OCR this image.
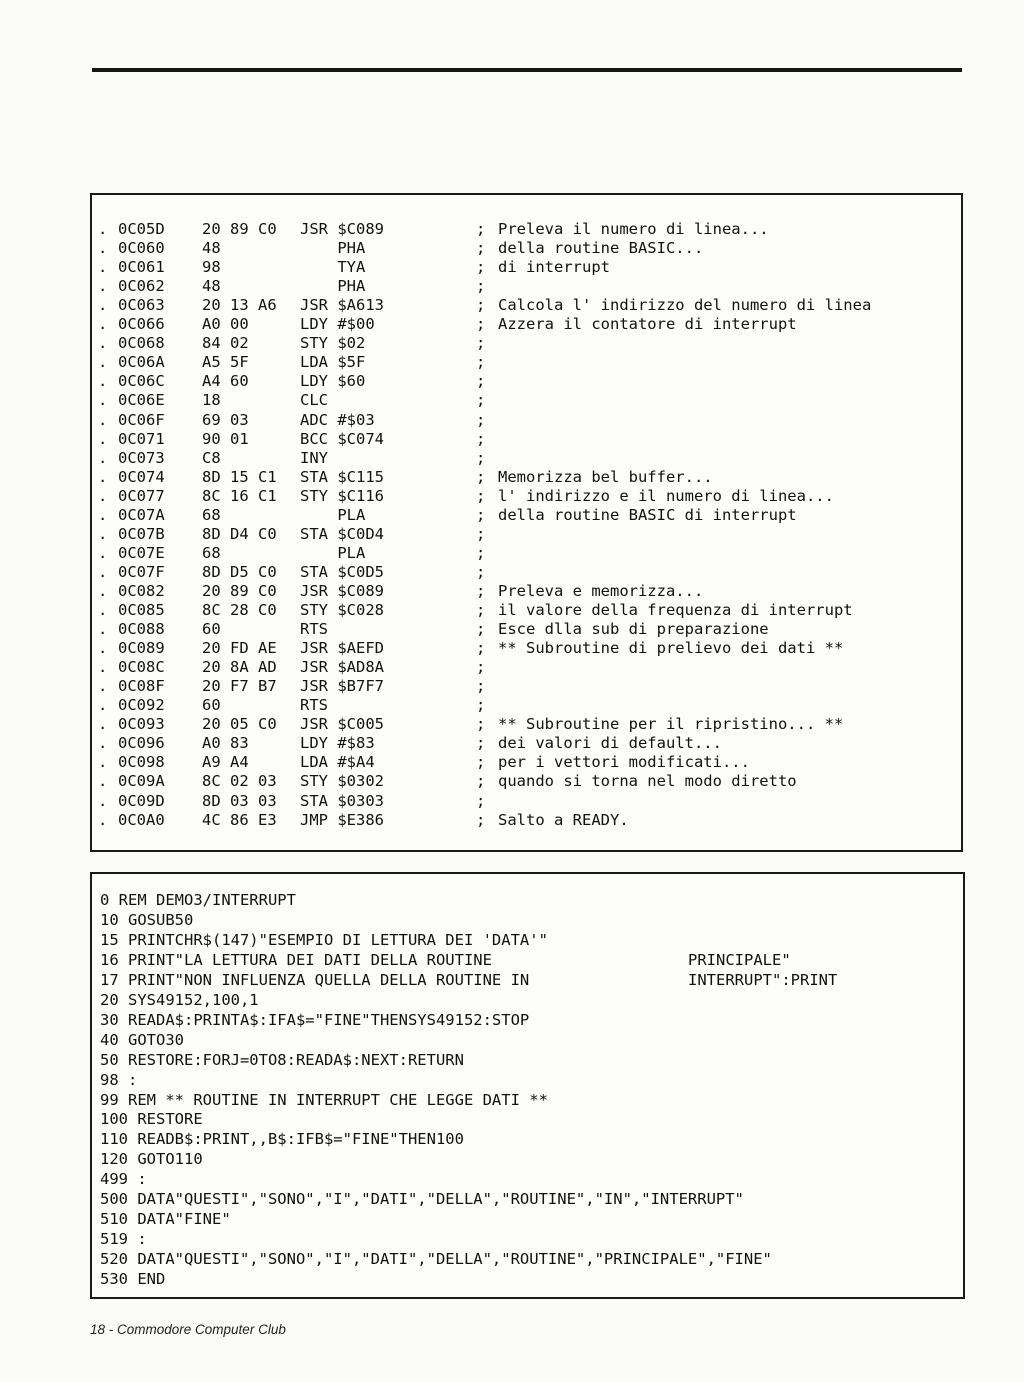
. 0C05D 20 89 C0 JSR $C089	; Preleva il numero di linea...
. 0C060 48	PHA	; della routine BASIC...
. 0C061 98	TYA	; di interrupt
. 0C062 48	PHA	;
. 0C063 20 13 A6 JSR $A613	; Calcola l' indirizzo del numero di linea
. 0C066 A0 00	LDY #$00	; Azzera il contatore di interrupt
. 0C068 84 02	STY $02	;
. 0C06A A5 5F	LDA $5F	;
. 0C06C A4 60	LDY $60	;
. 0C06E 18	CLC	;
. 0C06F 69 03	ADC #$03	;
. 0C071 90 01	BCC $C074	;
. 0C073 C8	INY	;
. 0C074 8D 15 C1 STA $C115	; Memorizza bel buffer...
. 0C077 8C 16 C1 STY $C116	; l' indirizzo e il numero di linea...
. 0C07A 68	PLA	; della routine BASIC di interrupt
. 0C07B 8D D4 C0 STA $C0D4	;
. 0C07E 68	PLA	;
. 0C07F 8D D5 C0 STA $C0D5	;
. 0C082 20 89 C0 JSR $C089	; Preleva e memorizza...
. 0C085 8C 28 C0 STY $C028	; il valore della frequenza di interrupt
. 0C088 60	RTS	; Esce dlla sub di preparazione
. 0C089 20 FD AE JSR $AEFD	; ** Subroutine di prelievo dei dati **
. 0C08C 20 8A AD JSR $AD8A	;
. 0C08F 20 F7 B7 JSR $B7F7	;
. 0C092 60	RTS	;
. 0C093 20 05 C0 JSR $C005	; ** Subroutine per il ripristino... **
. 0C096 A0 83	LDY #$83	; dei valori di default...
. 0C098 A9 A4	LDA #$A4	; per i vettori modificati...
. 0C09A 8C 02 03 STY $0302	; quando si torna nel modo diretto
. 0C09D 8D 03 03 STA $0303	;
. 0C0A0 4C 86 E3 JMP $E386	; Salto a READY.
0 REM DEMO3/INTERRUPT
10 GOSUB50
15 PRINTCHR$(147)"ESEMPIO DI LETTURA DEI 'DATA'"
16 PRINT"LA LETTURA DEI DATI DELLA ROUTINE	PRINCIPALE"
17 PRINT"NON INFLUENZA QUELLA DELLA ROUTINE IN	INTERRUPT":PRINT
20 SYS49152,100,1
30 READA$:PRINTA$:IFA$="FINE"THENSYS49152:STOP
40 GOTO30
50 RESTORE:FORJ=0TO8:READA$:NEXT:RETURN
98 :
99 REM ** ROUTINE IN INTERRUPT CHE LEGGE DATI **
100 RESTORE
110 READB$:PRINT,,B$:IFB$="FINE"THEN100
120 GOTO110
499 :
500 DATA"QUESTI","SONO","I","DATI","DELLA","ROUTINE","IN","INTERRUPT"
510 DATA"FINE"
519 :
520 DATA"QUESTI","SONO","I","DATI","DELLA","ROUTINE","PRINCIPALE","FINE"
530 END
18 - Commodore Computer Club
